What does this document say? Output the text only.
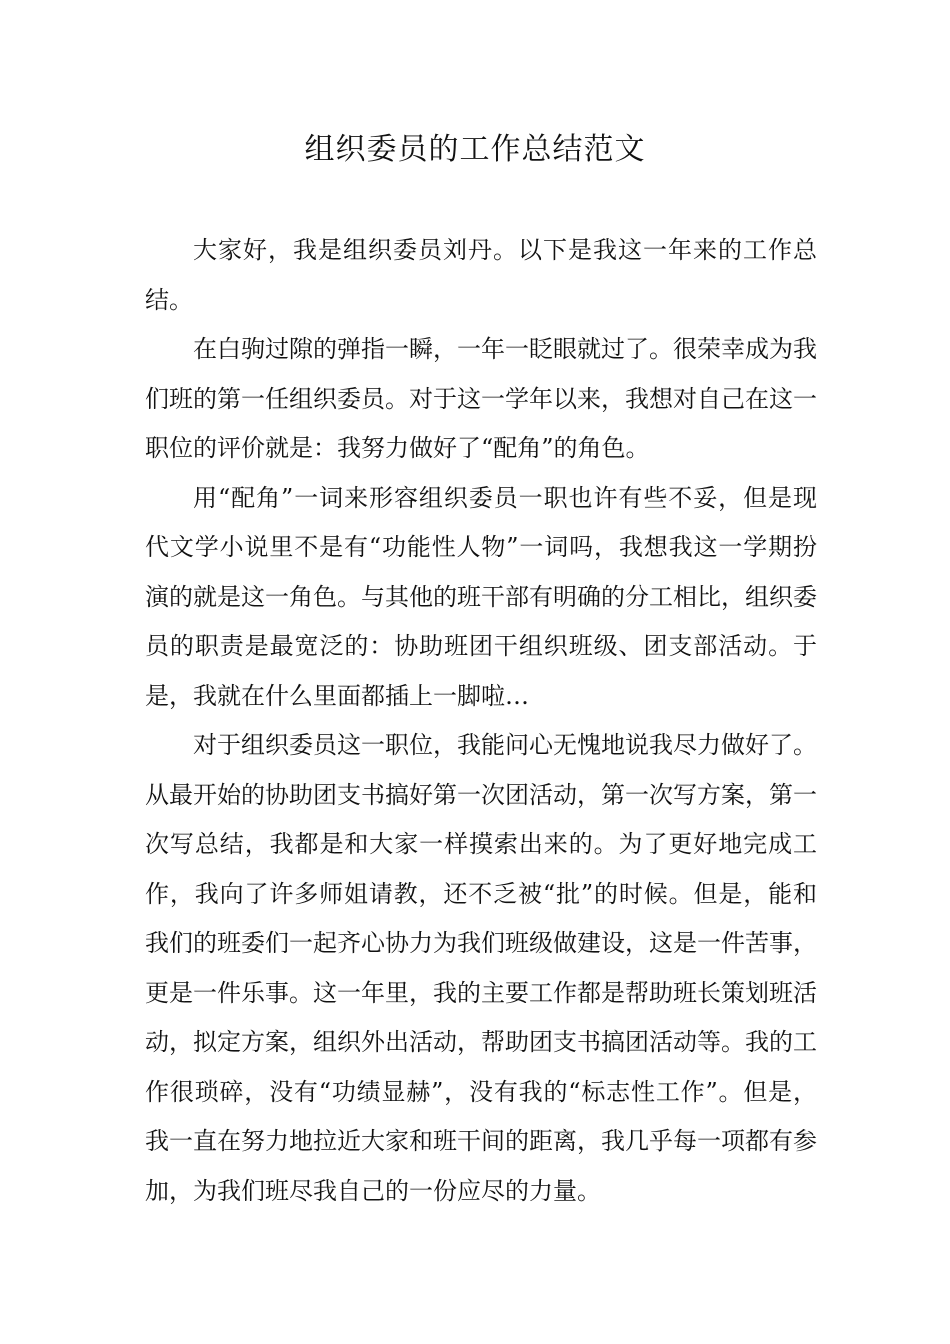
组织委员的工作总结范文

大家好，我是组织委员刘丹。以下是我这一年来的工作总结。

在白驹过隙的弹指一瞬，一年一眨眼就过了。很荣幸成为我们班的第一任组织委员。对于这一学年以来，我想对自己在这一职位的评价就是：我努力做好了“配角”的角色。

用“配角”一词来形容组织委员一职也许有些不妥，但是现代文学小说里不是有“功能性人物”一词吗，我想我这一学期扮演的就是这一角色。与其他的班干部有明确的分工相比，组织委员的职责是最宽泛的：协助班团干组织班级、团支部活动。于是，我就在什么里面都插上一脚啦…

对于组织委员这一职位，我能问心无愧地说我尽力做好了。从最开始的协助团支书搞好第一次团活动，第一次写方案，第一次写总结，我都是和大家一样摸索出来的。为了更好地完成工作，我向了许多师姐请教，还不乏被“批”的时候。但是，能和我们的班委们一起齐心协力为我们班级做建设，这是一件苦事，更是一件乐事。这一年里，我的主要工作都是帮助班长策划班活动，拟定方案，组织外出活动，帮助团支书搞团活动等。我的工作很琐碎，没有“功绩显赫”，没有我的“标志性工作”。但是，我一直在努力地拉近大家和班干间的距离，我几乎每一项都有参加，为我们班尽我自己的一份应尽的力量。
